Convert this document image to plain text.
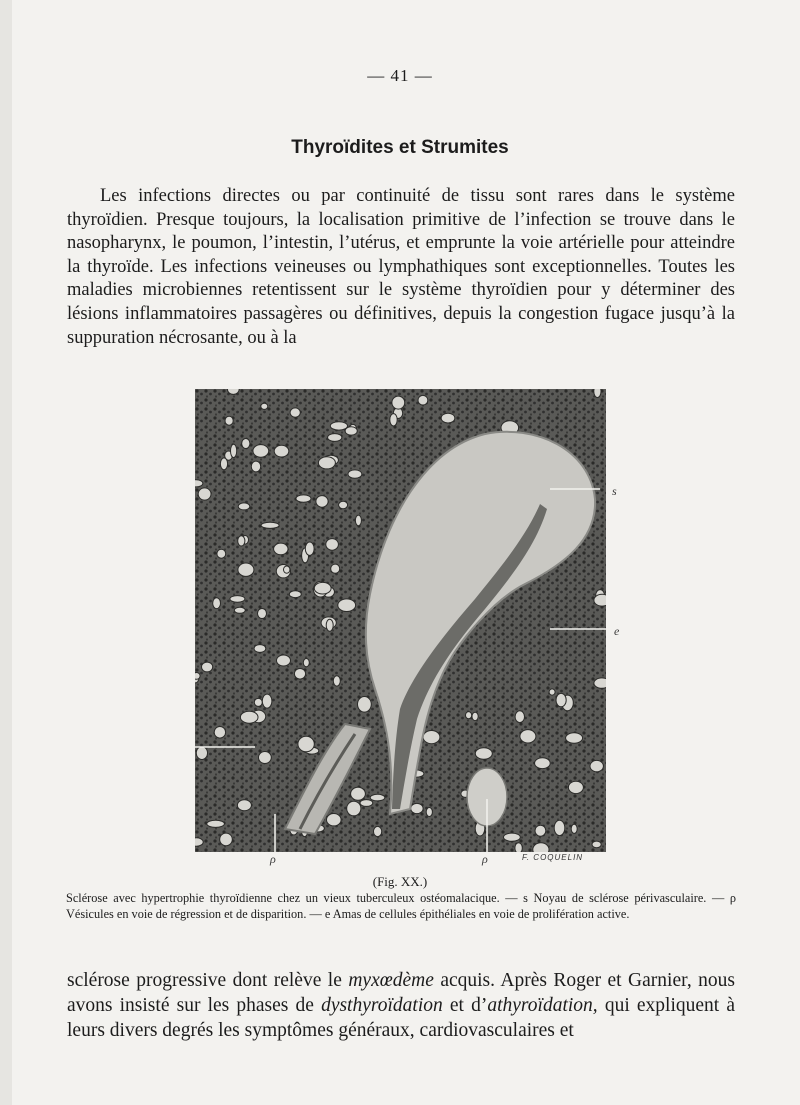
— 41 —
Thyroïdites et Strumites

Les infections directes ou par continuité de tissu sont rares dans le système thyroïdien. Presque toujours, la localisation primitive de l’infection se trouve dans le nasopharynx, le poumon, l’intestin, l’utérus, et emprunte la voie artérielle pour atteindre la thyroïde. Les infections veineuses ou lymphathiques sont exceptionnelles. Toutes les maladies microbiennes retentissent sur le système thyroïdien pour y déterminer des lésions inflammatoires passagères ou définitives, depuis la congestion fugace jusqu’à la suppuration nécrosante, ou à la

s
e
ρ	ρ	F. COQUELIN
(Fig. XX.)
Sclérose avec hypertrophie thyroïdienne chez un vieux tuberculeux ostéomalacique. — s Noyau de sclérose périvasculaire. — ρ Vésicules en voie de régression et de disparition. — e Amas de cellules épithéliales en voie de prolifération active.

sclérose progressive dont relève le myxœdème acquis. Après Roger et Garnier, nous avons insisté sur les phases de dysthyroïdation et d’athyroïdation, qui expliquent à leurs divers degrés les symptômes généraux, cardiovasculaires et
